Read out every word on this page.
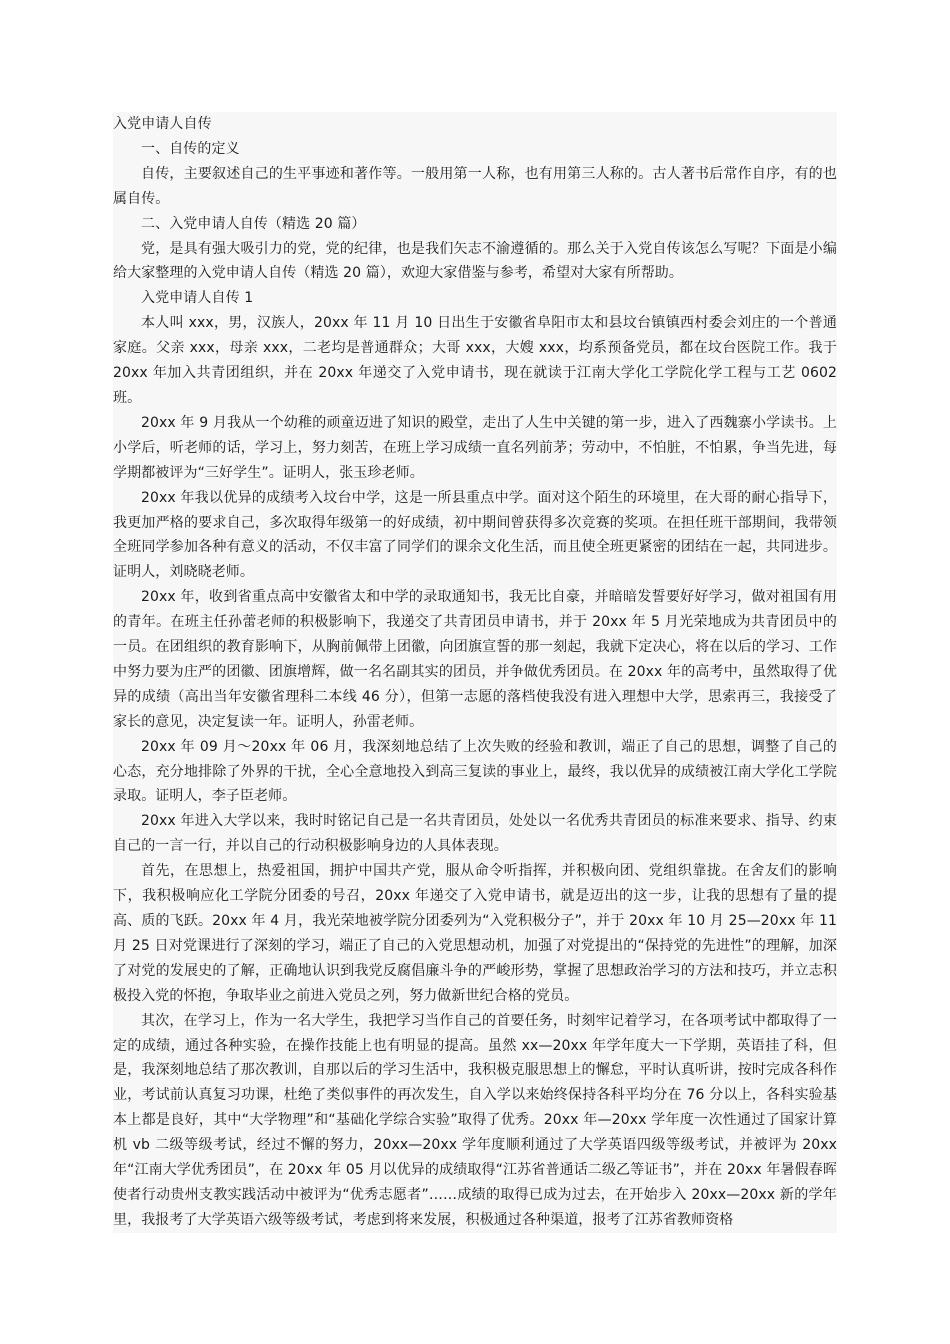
入党申请人自传

一、自传的定义

自传，主要叙述自己的生平事迹和著作等。一般用第一人称，也有用第三人称的。古人著书后常作自序，有的也属自传。

二、入党申请人自传（精选 20 篇）

党，是具有强大吸引力的党，党的纪律，也是我们矢志不渝遵循的。那么关于入党自传该怎么写呢？下面是小编给大家整理的入党申请人自传（精选 20 篇），欢迎大家借鉴与参考，希望对大家有所帮助。

入党申请人自传 1

本人叫 xxx，男，汉族人，20xx 年 11 月 10 日出生于安徽省阜阳市太和县坟台镇镇西村委会刘庄的一个普通家庭。父亲 xxx，母亲 xxx，二老均是普通群众；大哥 xxx，大嫂 xxx，均系预备党员，都在坟台医院工作。我于 20xx 年加入共青团组织，并在 20xx 年递交了入党申请书，现在就读于江南大学化工学院化学工程与工艺 0602 班。

20xx 年 9 月我从一个幼稚的顽童迈进了知识的殿堂，走出了人生中关键的第一步，进入了西魏寨小学读书。上小学后，听老师的话，学习上，努力刻苦，在班上学习成绩一直名列前茅；劳动中，不怕脏，不怕累，争当先进，每学期都被评为“三好学生”。证明人，张玉珍老师。

20xx 年我以优异的成绩考入坟台中学，这是一所县重点中学。面对这个陌生的环境里，在大哥的耐心指导下，我更加严格的要求自己，多次取得年级第一的好成绩，初中期间曾获得多次竞赛的奖项。在担任班干部期间，我带领全班同学参加各种有意义的活动，不仅丰富了同学们的课余文化生活，而且使全班更紧密的团结在一起，共同进步。证明人，刘晓晓老师。

20xx 年，收到省重点高中安徽省太和中学的录取通知书，我无比自豪，并暗暗发誓要好好学习，做对祖国有用的青年。在班主任孙蕾老师的积极影响下，我递交了共青团员申请书，并于 20xx 年 5 月光荣地成为共青团员中的一员。在团组织的教育影响下，从胸前佩带上团徽，向团旗宣誓的那一刻起，我就下定决心，将在以后的学习、工作中努力要为庄严的团徽、团旗增辉，做一名名副其实的团员，并争做优秀团员。在 20xx 年的高考中，虽然取得了优异的成绩（高出当年安徽省理科二本线 46 分），但第一志愿的落档使我没有进入理想中大学，思索再三，我接受了家长的意见，决定复读一年。证明人，孙雷老师。

20xx 年 09 月～20xx 年 06 月，我深刻地总结了上次失败的经验和教训，端正了自己的思想，调整了自己的心态，充分地排除了外界的干扰，全心全意地投入到高三复读的事业上，最终，我以优异的成绩被江南大学化工学院录取。证明人，李子臣老师。

20xx 年进入大学以来，我时时铭记自己是一名共青团员，处处以一名优秀共青团员的标准来要求、指导、约束自己的一言一行，并以自己的行动积极影响身边的人具体表现。

首先，在思想上，热爱祖国，拥护中国共产党，服从命令听指挥，并积极向团、党组织靠拢。在舍友们的影响下，我积极响应化工学院分团委的号召，20xx 年递交了入党申请书，就是迈出的这一步，让我的思想有了量的提高、质的飞跃。20xx 年 4 月，我光荣地被学院分团委列为“入党积极分子”，并于 20xx 年 10 月 25—20xx 年 11 月 25 日对党课进行了深刻的学习，端正了自己的入党思想动机，加强了对党提出的“保持党的先进性”的理解，加深了对党的发展史的了解，正确地认识到我党反腐倡廉斗争的严峻形势，掌握了思想政治学习的方法和技巧，并立志积极投入党的怀抱，争取毕业之前进入党员之列，努力做新世纪合格的党员。

其次，在学习上，作为一名大学生，我把学习当作自己的首要任务，时刻牢记着学习，在各项考试中都取得了一定的成绩，通过各种实验，在操作技能上也有明显的提高。虽然 xx—20xx 年学年度大一下学期，英语挂了科，但是，我深刻地总结了那次教训，自那以后的学习生活中，我积极克服思想上的懈怠，平时认真听讲，按时完成各科作业，考试前认真复习功课，杜绝了类似事件的再次发生，自入学以来始终保持各科平均分在 76 分以上，各科实验基本上都是良好，其中“大学物理”和“基础化学综合实验”取得了优秀。20xx 年—20xx 学年度一次性通过了国家计算机 vb 二级等级考试，经过不懈的努力，20xx—20xx 学年度顺利通过了大学英语四级等级考试，并被评为 20xx 年“江南大学优秀团员”，在 20xx 年 05 月以优异的成绩取得“江苏省普通话二级乙等证书”，并在 20xx 年暑假春晖使者行动贵州支教实践活动中被评为“优秀志愿者”……成绩的取得已成为过去，在开始步入 20xx—20xx 新的学年里，我报考了大学英语六级等级考试，考虑到将来发展，积极通过各种渠道，报考了江苏省教师资格
